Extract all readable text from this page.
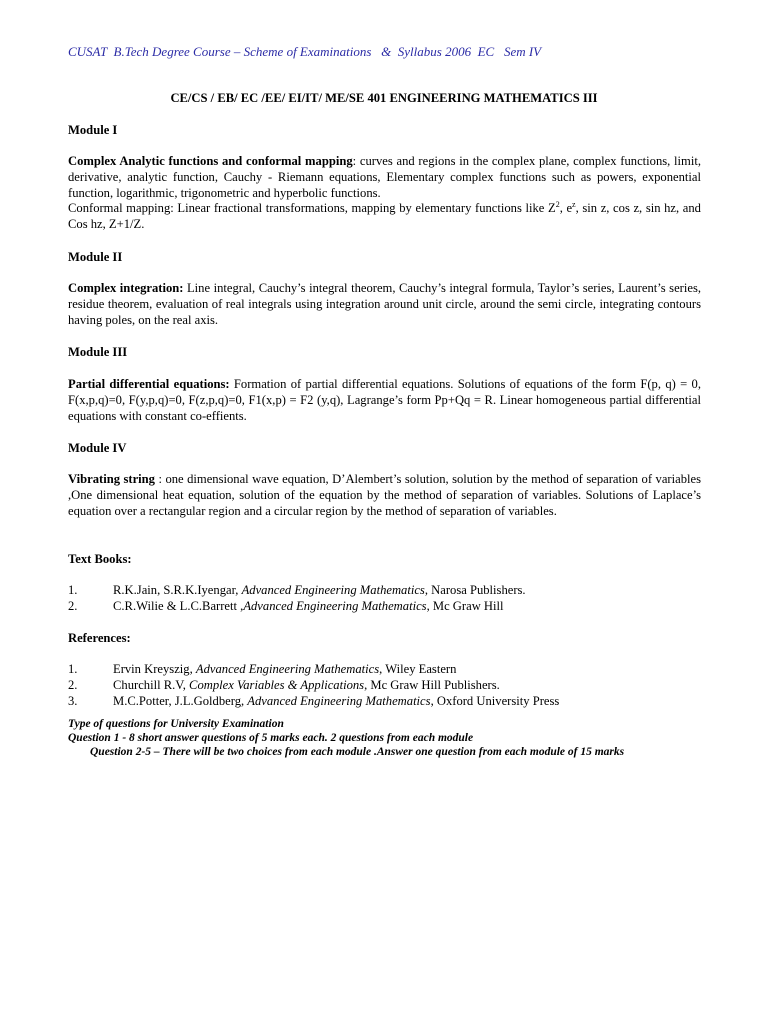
CUSAT  B.Tech Degree Course – Scheme of Examinations   &  Syllabus 2006  EC   Sem IV
CE/CS / EB/ EC /EE/ EI/IT/ ME/SE 401 ENGINEERING MATHEMATICS III
Module I
Complex Analytic functions and conformal mapping: curves and regions in the complex plane, complex functions, limit, derivative, analytic function, Cauchy - Riemann equations, Elementary complex functions such as powers, exponential function, logarithmic, trigonometric and hyperbolic functions.
Conformal mapping: Linear fractional transformations, mapping by elementary functions like $Z^2$, $e^z$, sin z, cos z, sin hz, and Cos hz, Z+1/Z.
Module II
Complex integration: Line integral, Cauchy’s integral theorem, Cauchy’s integral formula, Taylor’s series, Laurent’s series, residue theorem, evaluation of real integrals using integration around unit circle, around the semi circle, integrating contours having poles, on the real axis.
Module III
Partial differential equations: Formation of partial differential equations. Solutions of equations of the form F(p, q) = 0, F(x,p,q)=0, F(y,p,q)=0, F(z,p,q)=0, F1(x,p) = F2 (y,q), Lagrange’s form Pp+Qq = R. Linear homogeneous partial differential equations with constant co-effients.
Module IV
Vibrating string : one dimensional wave equation, D’Alembert’s solution, solution by the method of separation of variables ,One dimensional heat equation, solution of the equation by the method of separation of variables. Solutions of Laplace’s equation over a rectangular region and a circular region by the method of separation of variables.
Text Books:
1.	R.K.Jain, S.R.K.Iyengar, Advanced Engineering Mathematics, Narosa Publishers.
2.	C.R.Wilie & L.C.Barrett ,Advanced Engineering Mathematics, Mc Graw Hill
References:
1.	Ervin Kreyszig, Advanced Engineering Mathematics, Wiley Eastern
2.	Churchill R.V, Complex Variables & Applications, Mc Graw Hill Publishers.
3.	M.C.Potter, J.L.Goldberg, Advanced Engineering Mathematics, Oxford University Press
Type of questions for University Examination
Question 1 - 8 short answer questions of 5 marks each. 2 questions from each module
Question 2-5 – There will be two choices from each module .Answer one question from each module of 15 marks
